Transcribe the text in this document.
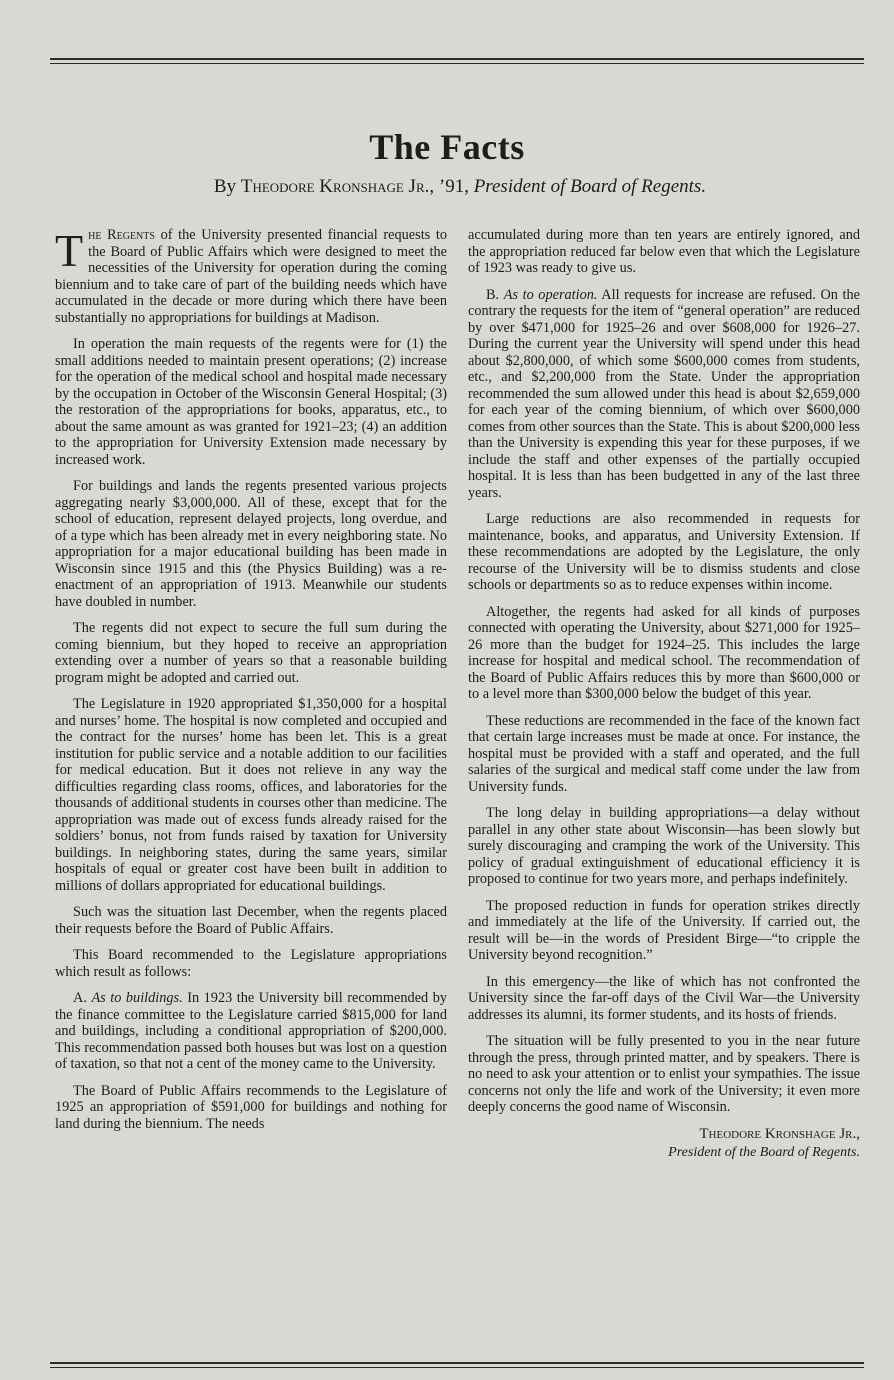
The Facts
By Theodore Kronshage Jr., ’91, President of Board of Regents.

The Regents of the University presented financial requests to the Board of Public Affairs which were designed to meet the necessities of the University for operation during the coming biennium and to take care of part of the building needs which have accumulated in the decade or more during which there have been substantially no appropriations for buildings at Madison.

In operation the main requests of the regents were for (1) the small additions needed to maintain present operations; (2) increase for the operation of the medical school and hospital made necessary by the occupation in October of the Wisconsin General Hospital; (3) the restoration of the appropriations for books, apparatus, etc., to about the same amount as was granted for 1921–23; (4) an addition to the appropriation for University Extension made necessary by increased work.

For buildings and lands the regents presented various projects aggregating nearly $3,000,000. All of these, except that for the school of education, represent delayed projects, long overdue, and of a type which has been already met in every neighboring state. No appropriation for a major educational building has been made in Wisconsin since 1915 and this (the Physics Building) was a re-enactment of an appropriation of 1913. Meanwhile our students have doubled in number.

The regents did not expect to secure the full sum during the coming biennium, but they hoped to receive an appropriation extending over a number of years so that a reasonable building program might be adopted and carried out.

The Legislature in 1920 appropriated $1,350,000 for a hospital and nurses’ home. The hospital is now completed and occupied and the contract for the nurses’ home has been let. This is a great institution for public service and a notable addition to our facilities for medical education. But it does not relieve in any way the difficulties regarding class rooms, offices, and laboratories for the thousands of additional students in courses other than medicine. The appropriation was made out of excess funds already raised for the soldiers’ bonus, not from funds raised by taxation for University buildings. In neighboring states, during the same years, similar hospitals of equal or greater cost have been built in addition to millions of dollars appropriated for educational buildings.

Such was the situation last December, when the regents placed their requests before the Board of Public Affairs.

This Board recommended to the Legislature appropriations which result as follows:

A. As to buildings. In 1923 the University bill recommended by the finance committee to the Legislature carried $815,000 for land and buildings, including a conditional appropriation of $200,000. This recommendation passed both houses but was lost on a question of taxation, so that not a cent of the money came to the University.

The Board of Public Affairs recommends to the Legislature of 1925 an appropriation of $591,000 for buildings and nothing for land during the biennium. The needs

accumulated during more than ten years are entirely ignored, and the appropriation reduced far below even that which the Legislature of 1923 was ready to give us.

B. As to operation. All requests for increase are refused. On the contrary the requests for the item of “general operation” are reduced by over $471,000 for 1925–26 and over $608,000 for 1926–27. During the current year the University will spend under this head about $2,800,000, of which some $600,000 comes from students, etc., and $2,200,000 from the State. Under the appropriation recommended the sum allowed under this head is about $2,659,000 for each year of the coming biennium, of which over $600,000 comes from other sources than the State. This is about $200,000 less than the University is expending this year for these purposes, if we include the staff and other expenses of the partially occupied hospital. It is less than has been budgetted in any of the last three years.

Large reductions are also recommended in requests for maintenance, books, and apparatus, and University Extension. If these recommendations are adopted by the Legislature, the only recourse of the University will be to dismiss students and close schools or departments so as to reduce expenses within income.

Altogether, the regents had asked for all kinds of purposes connected with operating the University, about $271,000 for 1925–26 more than the budget for 1924–25. This includes the large increase for hospital and medical school. The recommendation of the Board of Public Affairs reduces this by more than $600,000 or to a level more than $300,000 below the budget of this year.

These reductions are recommended in the face of the known fact that certain large increases must be made at once. For instance, the hospital must be provided with a staff and operated, and the full salaries of the surgical and medical staff come under the law from University funds.

The long delay in building appropriations—a delay without parallel in any other state about Wisconsin—has been slowly but surely discouraging and cramping the work of the University. This policy of gradual extinguishment of educational efficiency it is proposed to continue for two years more, and perhaps indefinitely.

The proposed reduction in funds for operation strikes directly and immediately at the life of the University. If carried out, the result will be—in the words of President Birge—“to cripple the University beyond recognition.”

In this emergency—the like of which has not confronted the University since the far-off days of the Civil War—the University addresses its alumni, its former students, and its hosts of friends.

The situation will be fully presented to you in the near future through the press, through printed matter, and by speakers. There is no need to ask your attention or to enlist your sympathies. The issue concerns not only the life and work of the University; it even more deeply concerns the good name of Wisconsin.

Theodore Kronshage Jr.,
President of the Board of Regents.
